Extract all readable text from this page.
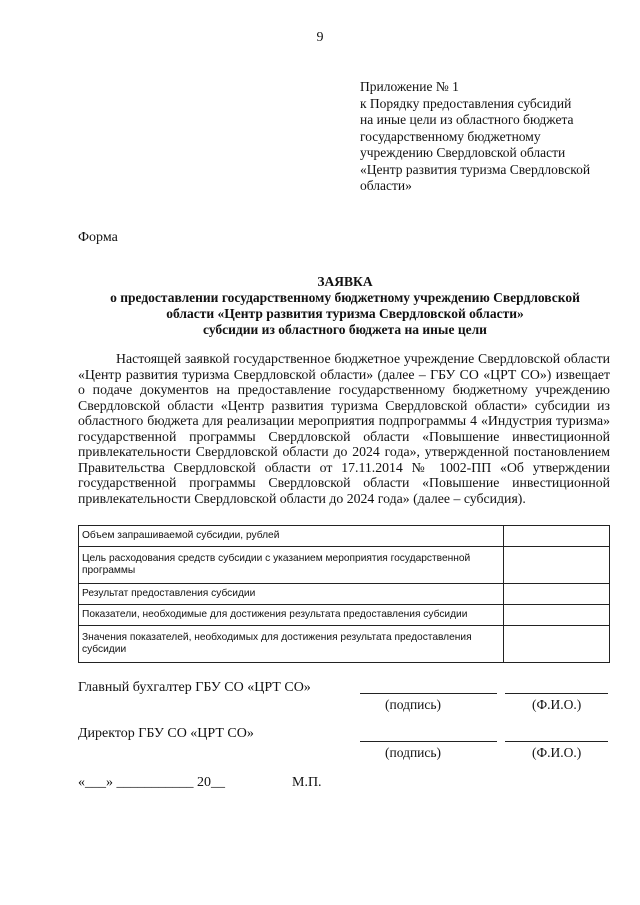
9
Приложение № 1
к Порядку предоставления субсидий
на иные цели из областного бюджета
государственному бюджетному
учреждению Свердловской области
«Центр развития туризма Свердловской
области»
Форма
ЗАЯВКА
о предоставлении государственному бюджетному учреждению Свердловской
области «Центр развития туризма Свердловской области»
субсидии из областного бюджета на иные цели

Настоящей заявкой государственное бюджетное учреждение Свердловской области «Центр развития туризма Свердловской области» (далее – ГБУ СО «ЦРТ СО») извещает о подаче документов на предоставление государственному бюджетному учреждению Свердловской области «Центр развития туризма Свердловской области» субсидии из областного бюджета для реализации мероприятия подпрограммы 4 «Индустрия туризма» государственной программы Свердловской области «Повышение инвестиционной привлекательности Свердловской области до 2024 года», утвержденной постановлением Правительства Свердловской области от 17.11.2014 № 1002-ПП «Об утверждении государственной программы Свердловской области «Повышение инвестиционной привлекательности Свердловской области до 2024 года» (далее – субсидия).

Объем запрашиваемой субсидии, рублей	
Цель расходования средств субсидии с указанием мероприятия государственной программы	
Результат предоставления субсидии	
Показатели, необходимые для достижения результата предоставления субсидии	
Значения показателей, необходимых для достижения результата предоставления субсидии	
Главный бухгалтер ГБУ СО «ЦРТ СО»
(подпись)	(Ф.И.О.)
Директор ГБУ СО «ЦРТ СО»
(подпись)	(Ф.И.О.)
«___» ___________ 20__	М.П.
